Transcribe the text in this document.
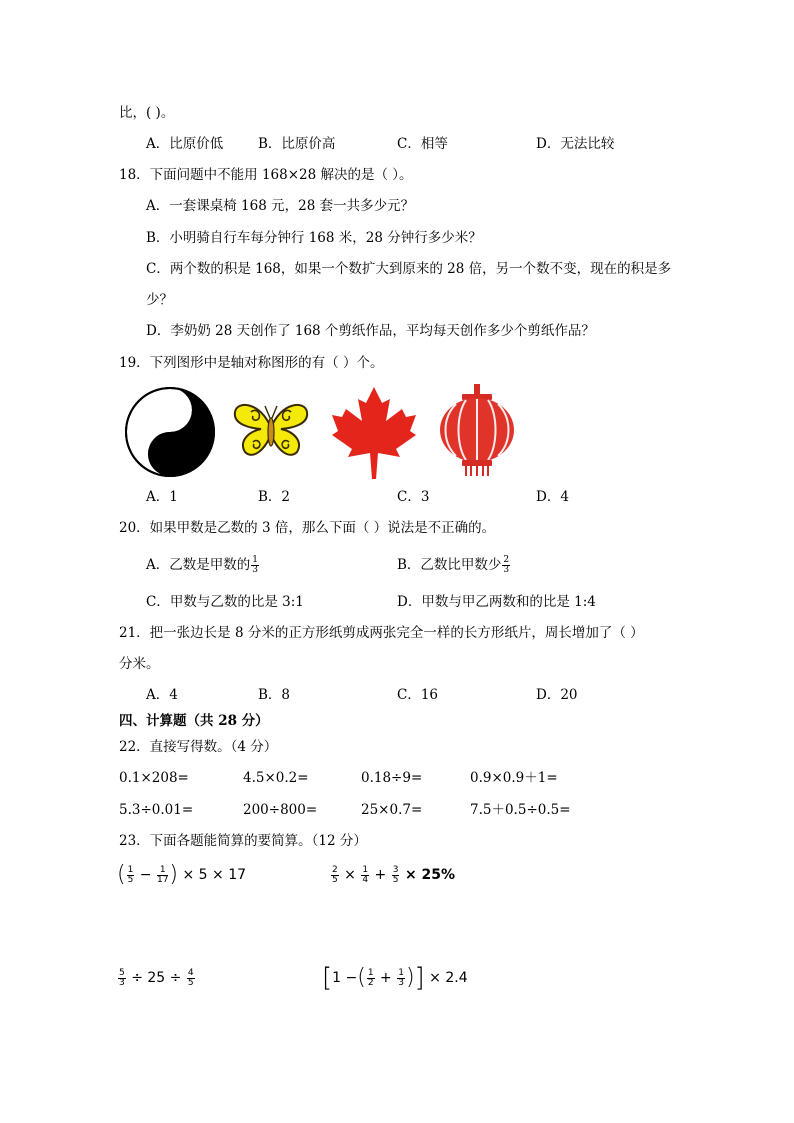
比，( )。
A．比原价低	B．比原价高	C．相等	D．无法比较
18．下面问题中不能用 168×28 解决的是（ ）。
A．一套课桌椅 168 元，28 套一共多少元？
B．小明骑自行车每分钟行 168 米，28 分钟行多少米？
C．两个数的积是 168，如果一个数扩大到原来的 28 倍，另一个数不变，现在的积是多
少？
D．李奶奶 28 天创作了 168 个剪纸作品，平均每天创作多少个剪纸作品？
19．下列图形中是轴对称图形的有（ ）个。
A．1	B．2	C．3	D．4
20．如果甲数是乙数的 3 倍，那么下面（ ）说法是不正确的。
A．乙数是甲数的 $\frac{1}{3}$	B．乙数比甲数少 $\frac{2}{3}$
C．甲数与乙数的比是 3:1	D．甲数与甲乙两数和的比是 1:4
21．把一张边长是 8 分米的正方形纸剪成两张完全一样的长方形纸片，周长增加了（ ）
分米。
A．4	B．8	C．16	D．20
四、计算题（共 28 分）
22．直接写得数。（4 分）
0.1×208=	4.5×0.2=	0.18÷9=	0.9×0.9＋1=
5.3÷0.01=	200÷800=	25×0.7=	7.5＋0.5÷0.5=
23．下面各题能简算的要简算。（12 分）
( $\frac{1}{5} - \frac{1}{17}$ ) × 5 × 17	$\frac{2}{5} \times \frac{1}{4} + \frac{3}{5} \times 25\%$
$\frac{5}{3} \div 25 \div \frac{4}{5}$	[1 −( $\frac{1}{2} + \frac{1}{3}$ )] × 2.4
